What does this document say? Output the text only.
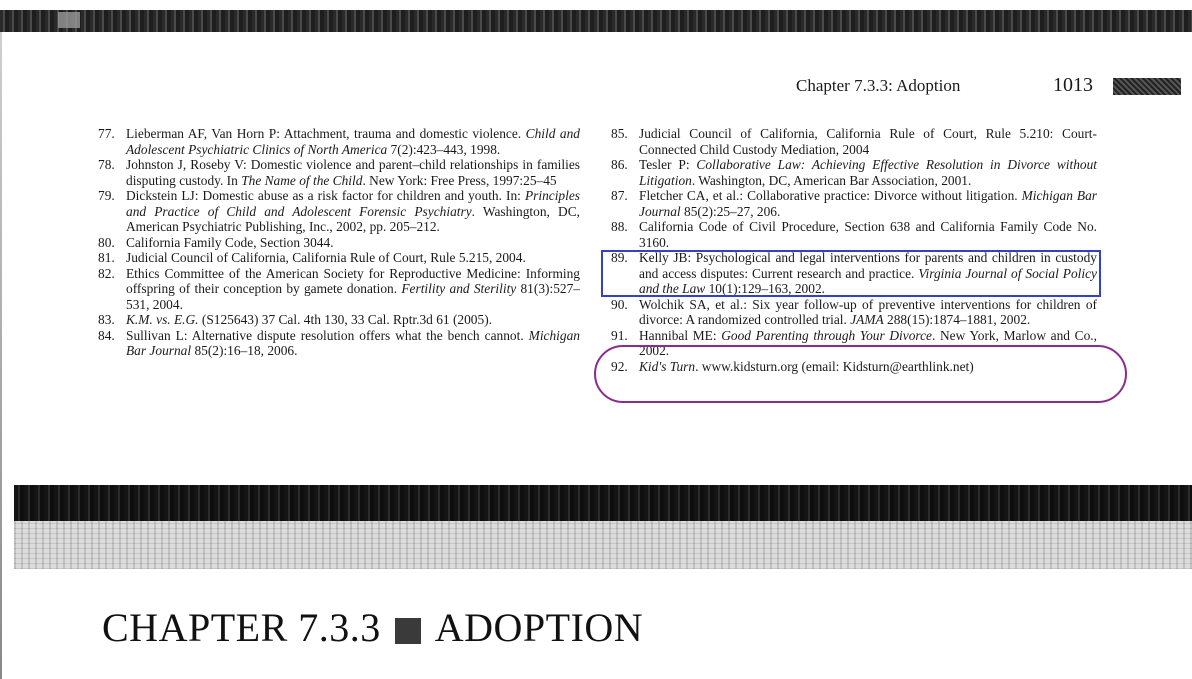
Chapter 7.3.3: Adoption	1013
77. Lieberman AF, Van Horn P: Attachment, trauma and domestic violence. Child and Adolescent Psychiatric Clinics of North America 7(2):423–443, 1998.
78. Johnston J, Roseby V: Domestic violence and parent–child relationships in families disputing custody. In The Name of the Child. New York: Free Press, 1997:25–45
79. Dickstein LJ: Domestic abuse as a risk factor for children and youth. In: Principles and Practice of Child and Adolescent Forensic Psychiatry. Washington, DC, American Psychiatric Publishing, Inc., 2002, pp. 205–212.
80. California Family Code, Section 3044.
81. Judicial Council of California, California Rule of Court, Rule 5.215, 2004.
82. Ethics Committee of the American Society for Reproductive Medicine: Informing offspring of their conception by gamete donation. Fertility and Sterility 81(3):527–531, 2004.
83. K.M. vs. E.G. (S125643) 37 Cal. 4th 130, 33 Cal. Rptr.3d 61 (2005).
84. Sullivan L: Alternative dispute resolution offers what the bench cannot. Michigan Bar Journal 85(2):16–18, 2006.
85. Judicial Council of California, California Rule of Court, Rule 5.210: Court-Connected Child Custody Mediation, 2004
86. Tesler P: Collaborative Law: Achieving Effective Resolution in Divorce without Litigation. Washington, DC, American Bar Association, 2001.
87. Fletcher CA, et al.: Collaborative practice: Divorce without litigation. Michigan Bar Journal 85(2):25–27, 206.
88. California Code of Civil Procedure, Section 638 and California Family Code No. 3160.
89. Kelly JB: Psychological and legal interventions for parents and children in custody and access disputes: Current research and practice. Virginia Journal of Social Policy and the Law 10(1):129–163, 2002.
90. Wolchik SA, et al.: Six year follow-up of preventive interventions for children of divorce: A randomized controlled trial. JAMA 288(15):1874–1881, 2002.
91. Hannibal ME: Good Parenting through Your Divorce. New York, Marlow and Co., 2002.
92. Kid's Turn. www.kidsturn.org (email: Kidsturn@earthlink.net)
CHAPTER 7.3.3 ADOPTION
